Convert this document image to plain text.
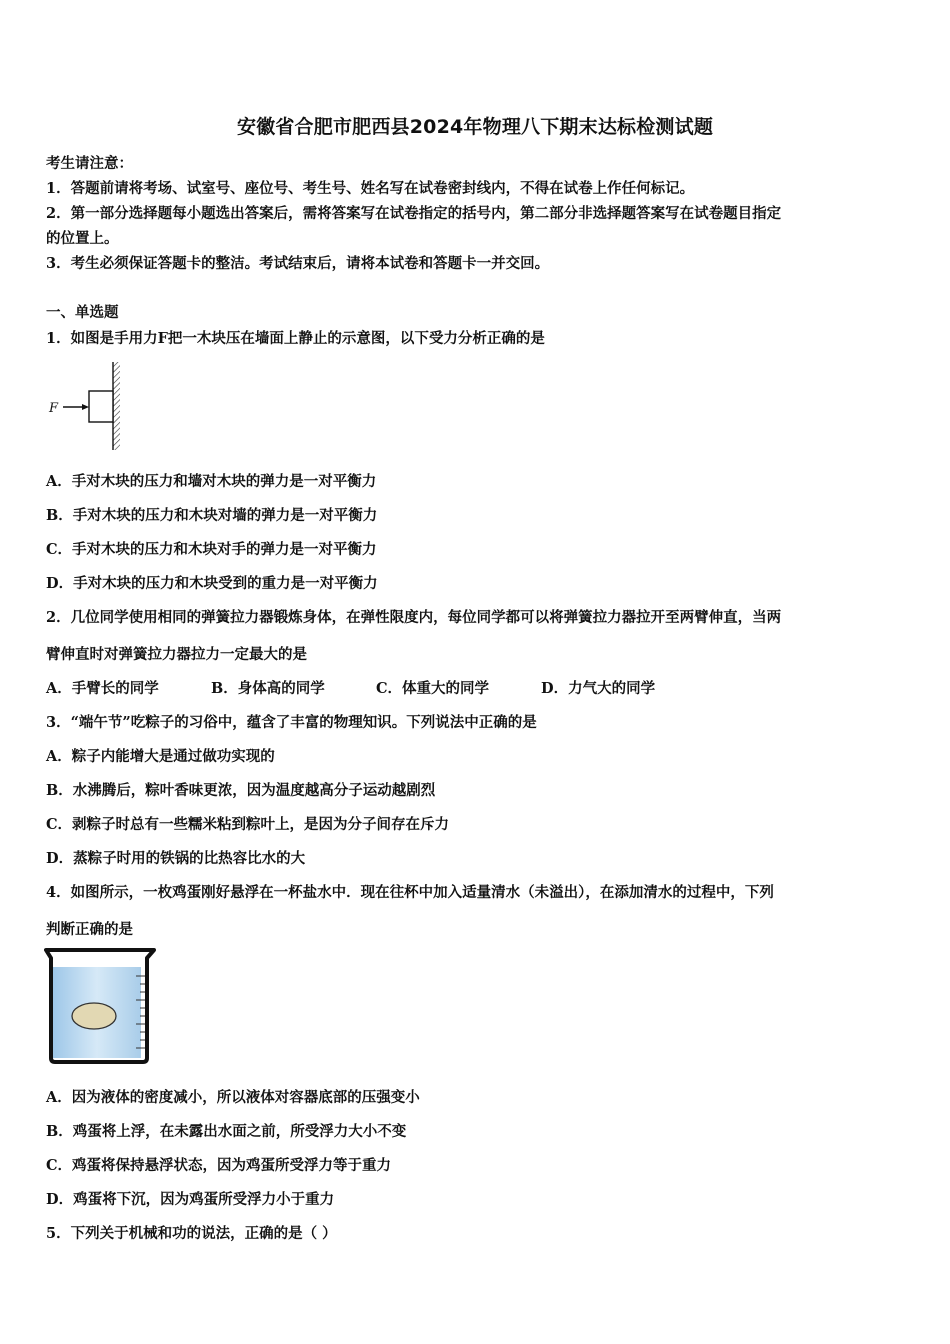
安徽省合肥市肥西县2024年物理八下期末达标检测试题
考生请注意：
1．答题前请将考场、试室号、座位号、考生号、姓名写在试卷密封线内，不得在试卷上作任何标记。
2．第一部分选择题每小题选出答案后，需将答案写在试卷指定的括号内，第二部分非选择题答案写在试卷题目指定
的位置上。
3．考生必须保证答题卡的整洁。考试结束后，请将本试卷和答题卡一并交回。
一、单选题
1．如图是手用力F把一木块压在墙面上静止的示意图，以下受力分析正确的是
F
A．手对木块的压力和墙对木块的弹力是一对平衡力
B．手对木块的压力和木块对墙的弹力是一对平衡力
C．手对木块的压力和木块对手的弹力是一对平衡力
D．手对木块的压力和木块受到的重力是一对平衡力
2．几位同学使用相同的弹簧拉力器锻炼身体，在弹性限度内，每位同学都可以将弹簧拉力器拉开至两臂伸直，当两
臂伸直时对弹簧拉力器拉力一定最大的是
A．手臂长的同学	B．身体高的同学	C．体重大的同学	D．力气大的同学
3．“端午节”吃粽子的习俗中，蕴含了丰富的物理知识。下列说法中正确的是
A．粽子内能增大是通过做功实现的
B．水沸腾后，粽叶香味更浓，因为温度越高分子运动越剧烈
C．剥粽子时总有一些糯米粘到粽叶上，是因为分子间存在斥力
D．蒸粽子时用的铁锅的比热容比水的大
4．如图所示，一枚鸡蛋刚好悬浮在一杯盐水中．现在往杯中加入适量清水（未溢出），在添加清水的过程中，下列
判断正确的是
A．因为液体的密度减小，所以液体对容器底部的压强变小
B．鸡蛋将上浮，在未露出水面之前，所受浮力大小不变
C．鸡蛋将保持悬浮状态，因为鸡蛋所受浮力等于重力
D．鸡蛋将下沉，因为鸡蛋所受浮力小于重力
5．下列关于机械和功的说法，正确的是（ ）
